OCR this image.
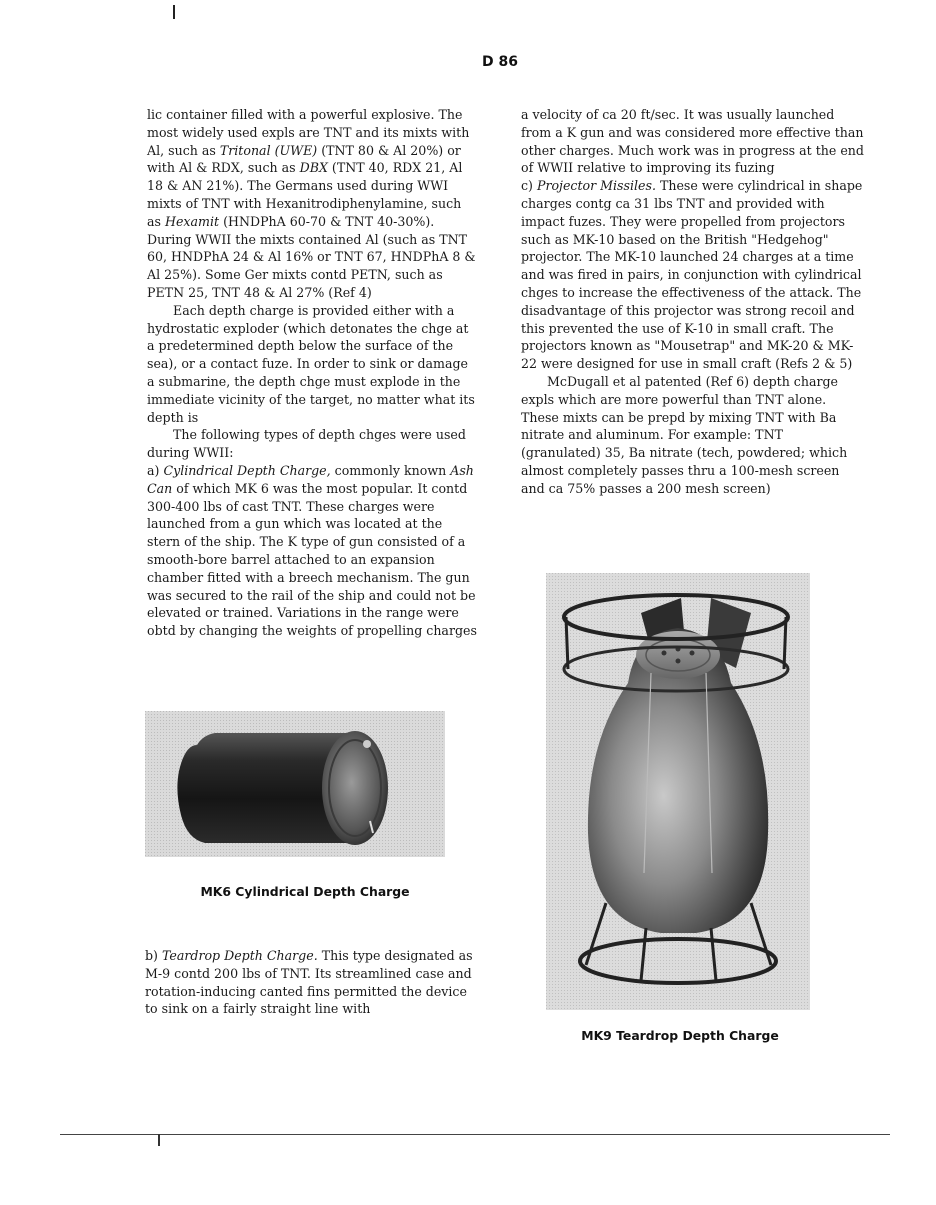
D 86

lic container filled with a powerful explosive. The most widely used expls are TNT and its mixts with Al, such as Tritonal (UWE) (TNT 80 & Al 20%) or with Al & RDX, such as DBX (TNT 40, RDX 21, Al 18 & AN 21%). The Germans used during WWI mixts of TNT with Hexanitrodiphenylamine, such as Hexamit (HNDPhA 60-70 & TNT 40-30%). During WWII the mixts contained Al (such as TNT 60, HNDPhA 24 & Al 16% or TNT 67, HNDPhA 8 & Al 25%). Some Ger mixts contd PETN, such as PETN 25, TNT 48 & Al 27% (Ref 4)

Each depth charge is provided either with a hydrostatic exploder (which detonates the chge at a predetermined depth below the surface of the sea), or a contact fuze. In order to sink or damage a submarine, the depth chge must explode in the immediate vicinity of the target, no matter what its depth is

The following types of depth chges were used during WWII:

a) Cylindrical Depth Charge, commonly known Ash Can of which MK 6 was the most popular. It contd 300-400 lbs of cast TNT. These charges were launched from a gun which was located at the stern of the ship. The K type of gun consisted of a smooth-bore barrel attached to an expansion chamber fitted with a breech mechanism. The gun was secured to the rail of the ship and could not be elevated or trained. Variations in the range were obtd by changing the weights of propelling charges

MK6 Cylindrical Depth Charge

b) Teardrop Depth Charge. This type designated as M-9 contd 200 lbs of TNT. Its streamlined case and rotation-inducing canted fins permitted the device to sink on a fairly straight line with

a velocity of ca 20 ft/sec. It was usually launched from a K gun and was considered more effective than other charges. Much work was in progress at the end of WWII relative to improving its fuzing

c) Projector Missiles. These were cylindrical in shape charges contg ca 31 lbs TNT and provided with impact fuzes. They were propelled from projectors such as MK-10 based on the British "Hedgehog" projector. The MK-10 launched 24 charges at a time and was fired in pairs, in conjunction with cylindrical chges to increase the effectiveness of the attack. The disadvantage of this projector was strong recoil and this prevented the use of K-10 in small craft. The projectors known as "Mousetrap" and MK-20 & MK-22 were designed for use in small craft (Refs 2 & 5)

McDugall et al patented (Ref 6) depth charge expls which are more powerful than TNT alone. These mixts can be prepd by mixing TNT with Ba nitrate and aluminum. For example: TNT (granulated) 35, Ba nitrate (tech, powdered; which almost completely passes thru a 100-mesh screen and ca 75% passes a 200 mesh screen)

MK9 Teardrop Depth Charge
